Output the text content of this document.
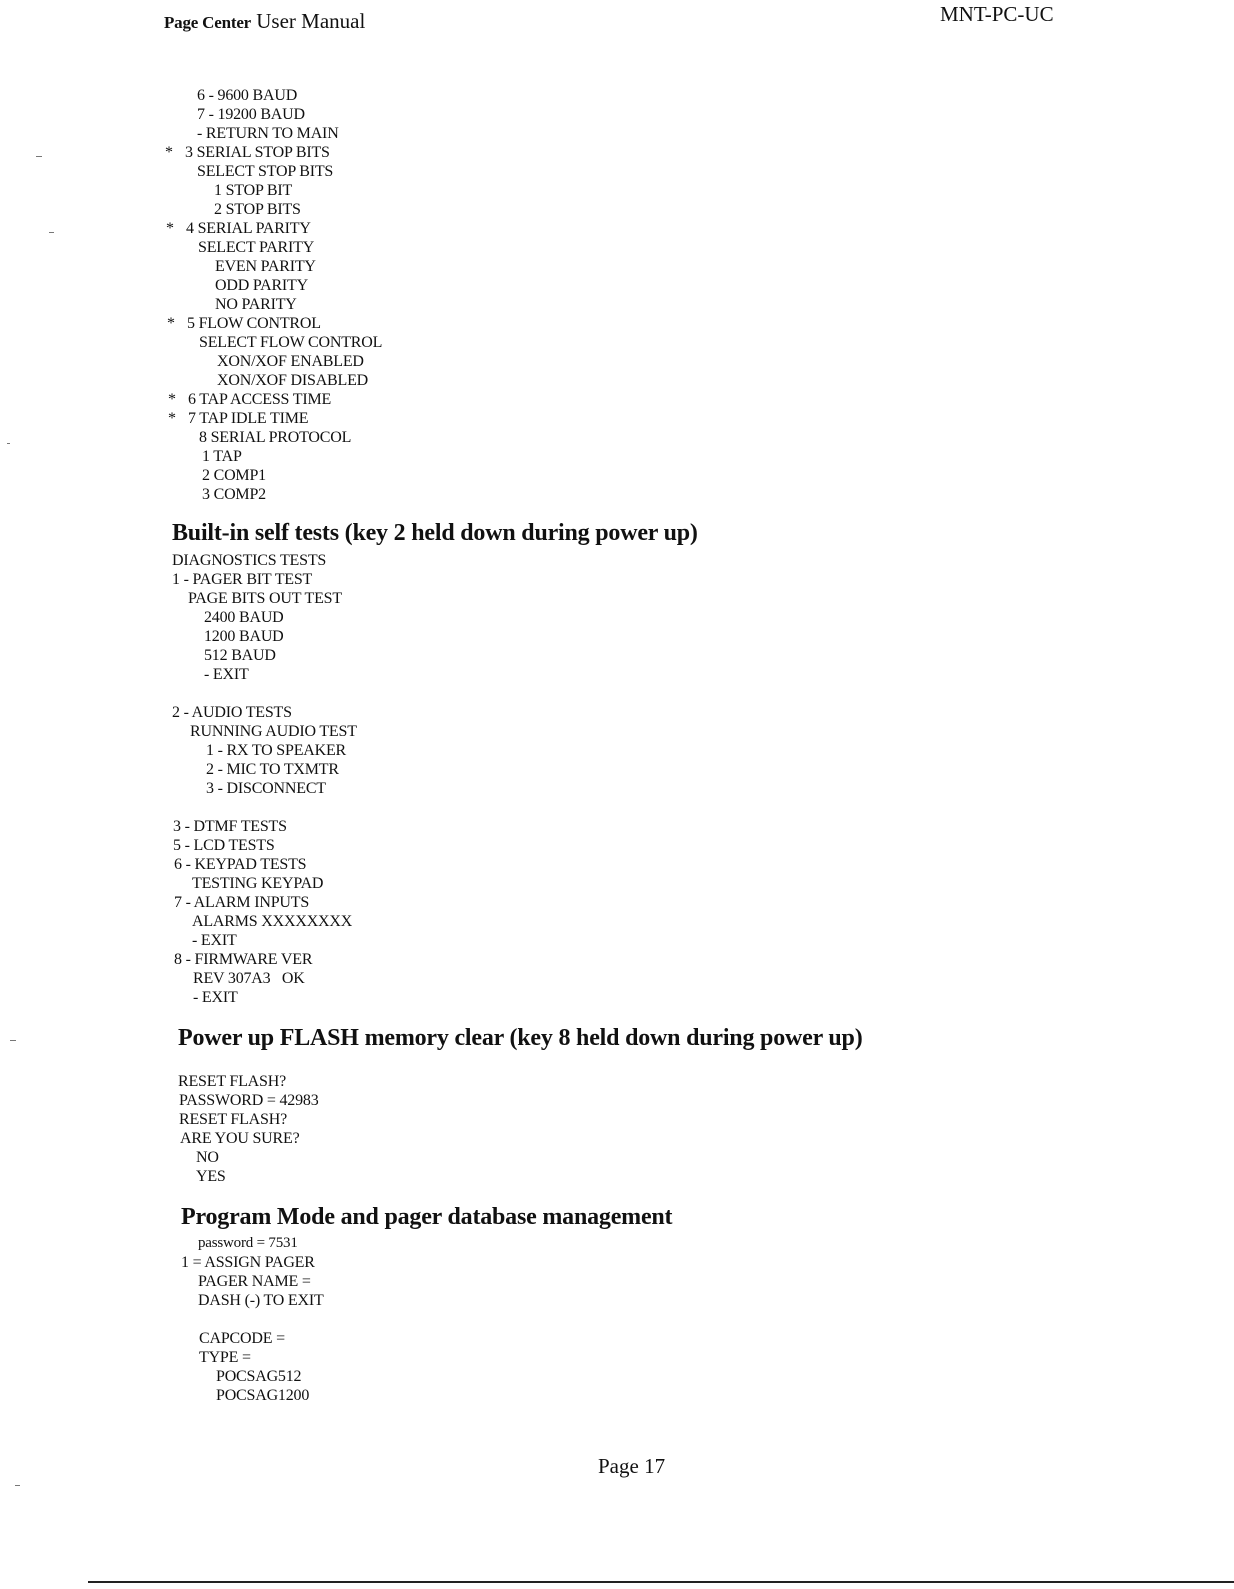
Page Center User Manual	MNT-PC-UC
6 - 9600 BAUD
7 - 19200 BAUD
- RETURN TO MAIN
* 3 SERIAL STOP BITS
SELECT STOP BITS
1 STOP BIT
2 STOP BITS
* 4 SERIAL PARITY
SELECT PARITY
EVEN PARITY
ODD PARITY
NO PARITY
* 5 FLOW CONTROL
SELECT FLOW CONTROL
XON/XOF ENABLED
XON/XOF DISABLED
* 6 TAP ACCESS TIME
* 7 TAP IDLE TIME
8 SERIAL PROTOCOL
1 TAP
2 COMP1
3 COMP2
Built-in self tests (key 2 held down during power up)
DIAGNOSTICS TESTS
1 - PAGER BIT TEST
PAGE BITS OUT TEST
2400 BAUD
1200 BAUD
512 BAUD
- EXIT
2 - AUDIO TESTS
RUNNING AUDIO TEST
1 - RX TO SPEAKER
2 - MIC TO TXMTR
3 - DISCONNECT
3 - DTMF TESTS
5 - LCD TESTS
6 - KEYPAD TESTS
TESTING KEYPAD
7 - ALARM INPUTS
ALARMS XXXXXXXX
- EXIT
8 - FIRMWARE VER
REV 307A3   OK
- EXIT
Power up FLASH memory clear (key 8 held down during power up)
RESET FLASH?
PASSWORD = 42983
RESET FLASH?
ARE YOU SURE?
NO
YES
Program Mode and pager database management
password = 7531
1 = ASSIGN PAGER
PAGER NAME =
DASH (-) TO EXIT
CAPCODE =
TYPE =
POCSAG512
POCSAG1200
Page 17
